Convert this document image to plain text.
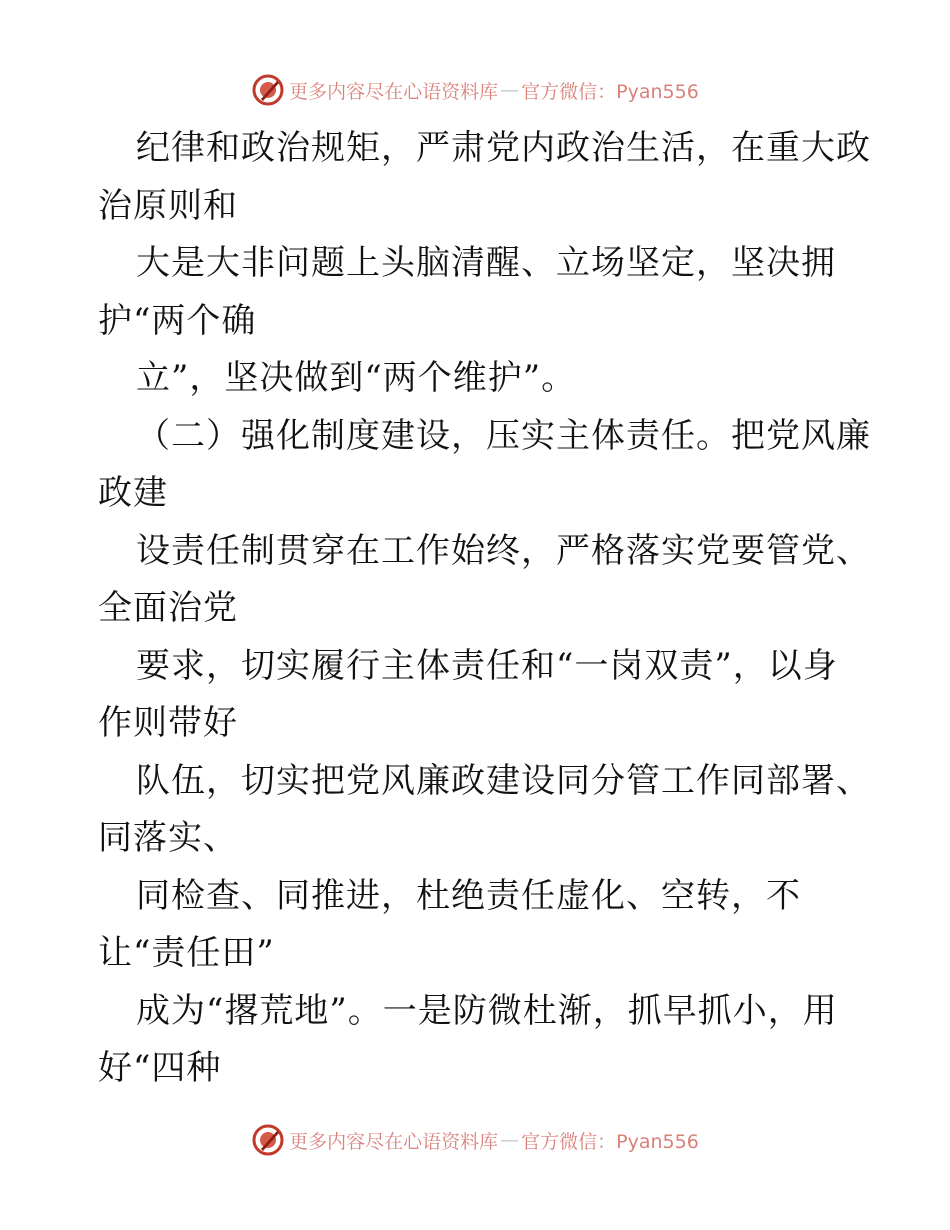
更多内容尽在心语资料库 — 官方微信：Pyan556
纪律和政治规矩，严肃党内政治生活，在重大政
治原则和
大是大非问题上头脑清醒、立场坚定，坚决拥
护“两个确
立”，坚决做到“两个维护”。
（二）强化制度建设，压实主体责任。把党风廉
政建
设责任制贯穿在工作始终，严格落实党要管党、
全面治党
要求，切实履行主体责任和“一岗双责”，以身
作则带好
队伍，切实把党风廉政建设同分管工作同部署、
同落实、
同检查、同推进，杜绝责任虚化、空转，不
让“责任田”
成为“撂荒地”。一是防微杜渐，抓早抓小，用
好“四种
更多内容尽在心语资料库 — 官方微信：Pyan556
